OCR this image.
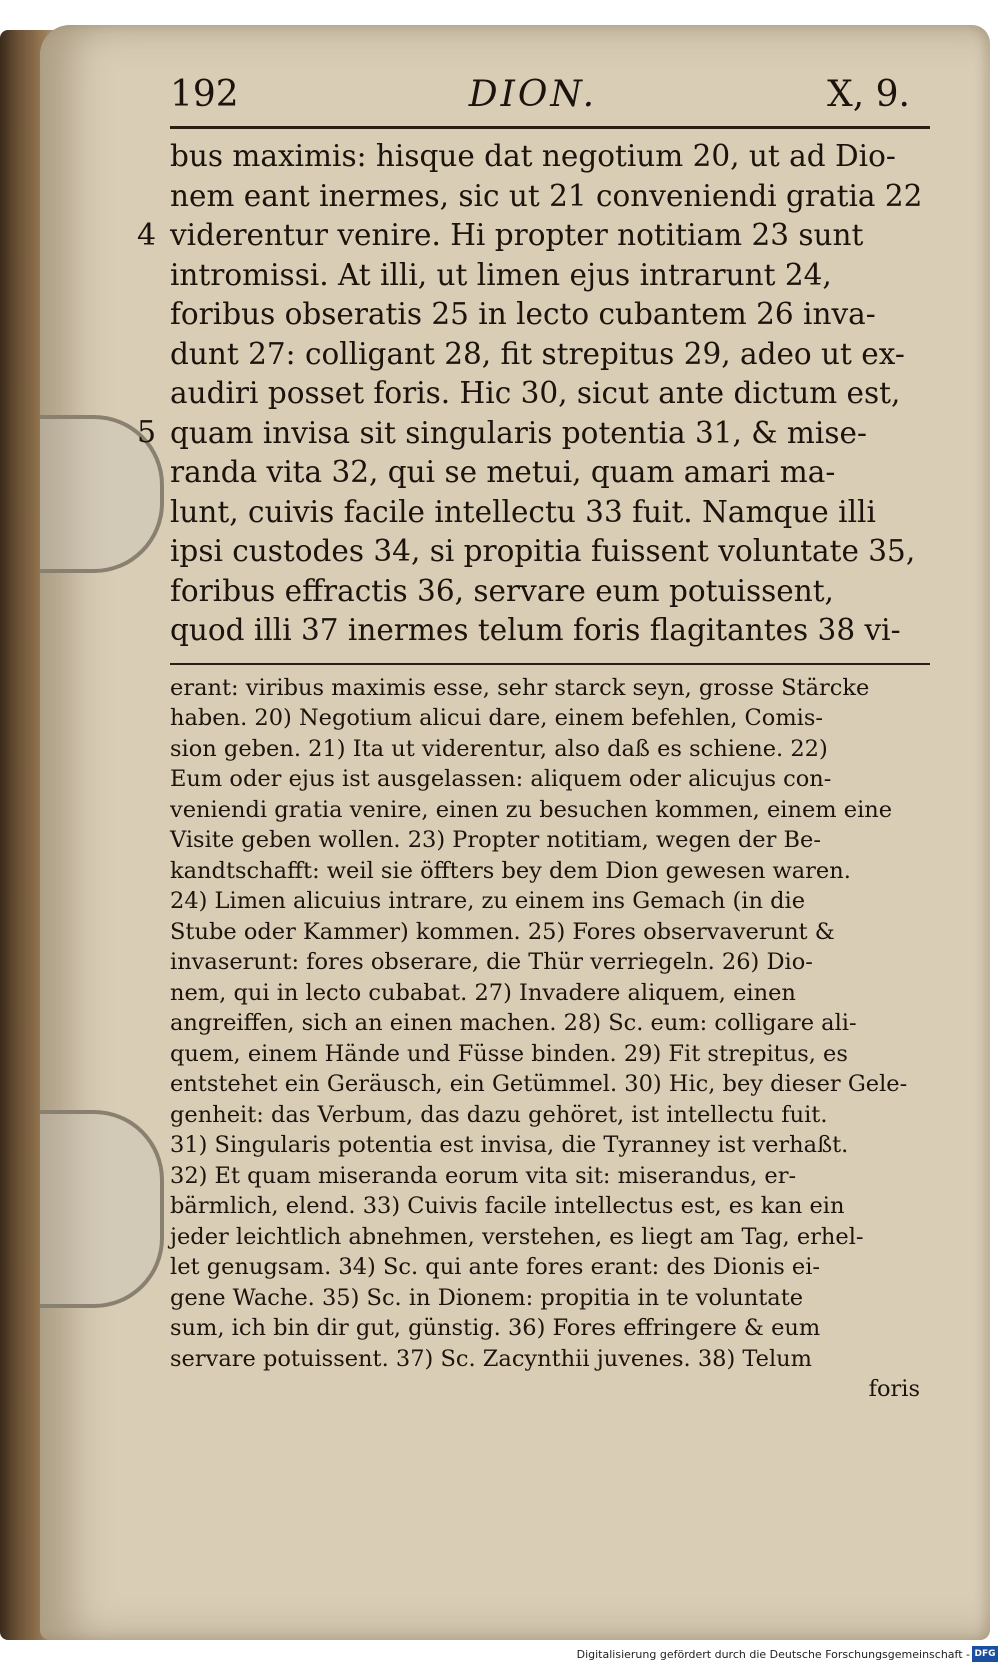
192	DION.	X, 9.
4
5
bus maximis: hisque dat negotium 20, ut ad Dio-
nem eant inermes, sic ut 21 conveniendi gratia 22
viderentur venire. Hi propter notitiam 23 sunt
intromissi. At illi, ut limen ejus intrarunt 24,
foribus obseratis 25 in lecto cubantem 26 inva-
dunt 27: colligant 28, fit strepitus 29, adeo ut ex-
audiri posset foris. Hic 30, sicut ante dictum est,
quam invisa sit singularis potentia 31, & mise-
randa vita 32, qui se metui, quam amari ma-
lunt, cuivis facile intellectu 33 fuit. Namque illi
ipsi custodes 34, si propitia fuissent voluntate 35,
foribus effractis 36, servare eum potuissent,
quod illi 37 inermes telum foris flagitantes 38 vi-
erant: viribus maximis esse, sehr starck seyn, grosse Stärcke
haben. 20) Negotium alicui dare, einem befehlen, Comis-
sion geben. 21) Ita ut viderentur, also daß es schiene. 22)
Eum oder ejus ist ausgelassen: aliquem oder alicujus con-
veniendi gratia venire, einen zu besuchen kommen, einem eine
Visite geben wollen. 23) Propter notitiam, wegen der Be-
kandtschafft: weil sie öffters bey dem Dion gewesen waren.
24) Limen alicuius intrare, zu einem ins Gemach (in die
Stube oder Kammer) kommen. 25) Fores observaverunt &
invaserunt: fores obserare, die Thür verriegeln. 26) Dio-
nem, qui in lecto cubabat. 27) Invadere aliquem, einen
angreiffen, sich an einen machen. 28) Sc. eum: colligare ali-
quem, einem Hände und Füsse binden. 29) Fit strepitus, es
entstehet ein Geräusch, ein Getümmel. 30) Hic, bey dieser Gele-
genheit: das Verbum, das dazu gehöret, ist intellectu fuit.
31) Singularis potentia est invisa, die Tyranney ist verhaßt.
32) Et quam miseranda eorum vita sit: miserandus, er-
bärmlich, elend. 33) Cuivis facile intellectus est, es kan ein
jeder leichtlich abnehmen, verstehen, es liegt am Tag, erhel-
let genugsam. 34) Sc. qui ante fores erant: des Dionis ei-
gene Wache. 35) Sc. in Dionem: propitia in te voluntate
sum, ich bin dir gut, günstig. 36) Fores effringere & eum
servare potuissent. 37) Sc. Zacynthii juvenes. 38) Telum
foris
Digitalisierung gefördert durch die Deutsche Forschungsgemeinschaft - DFG
